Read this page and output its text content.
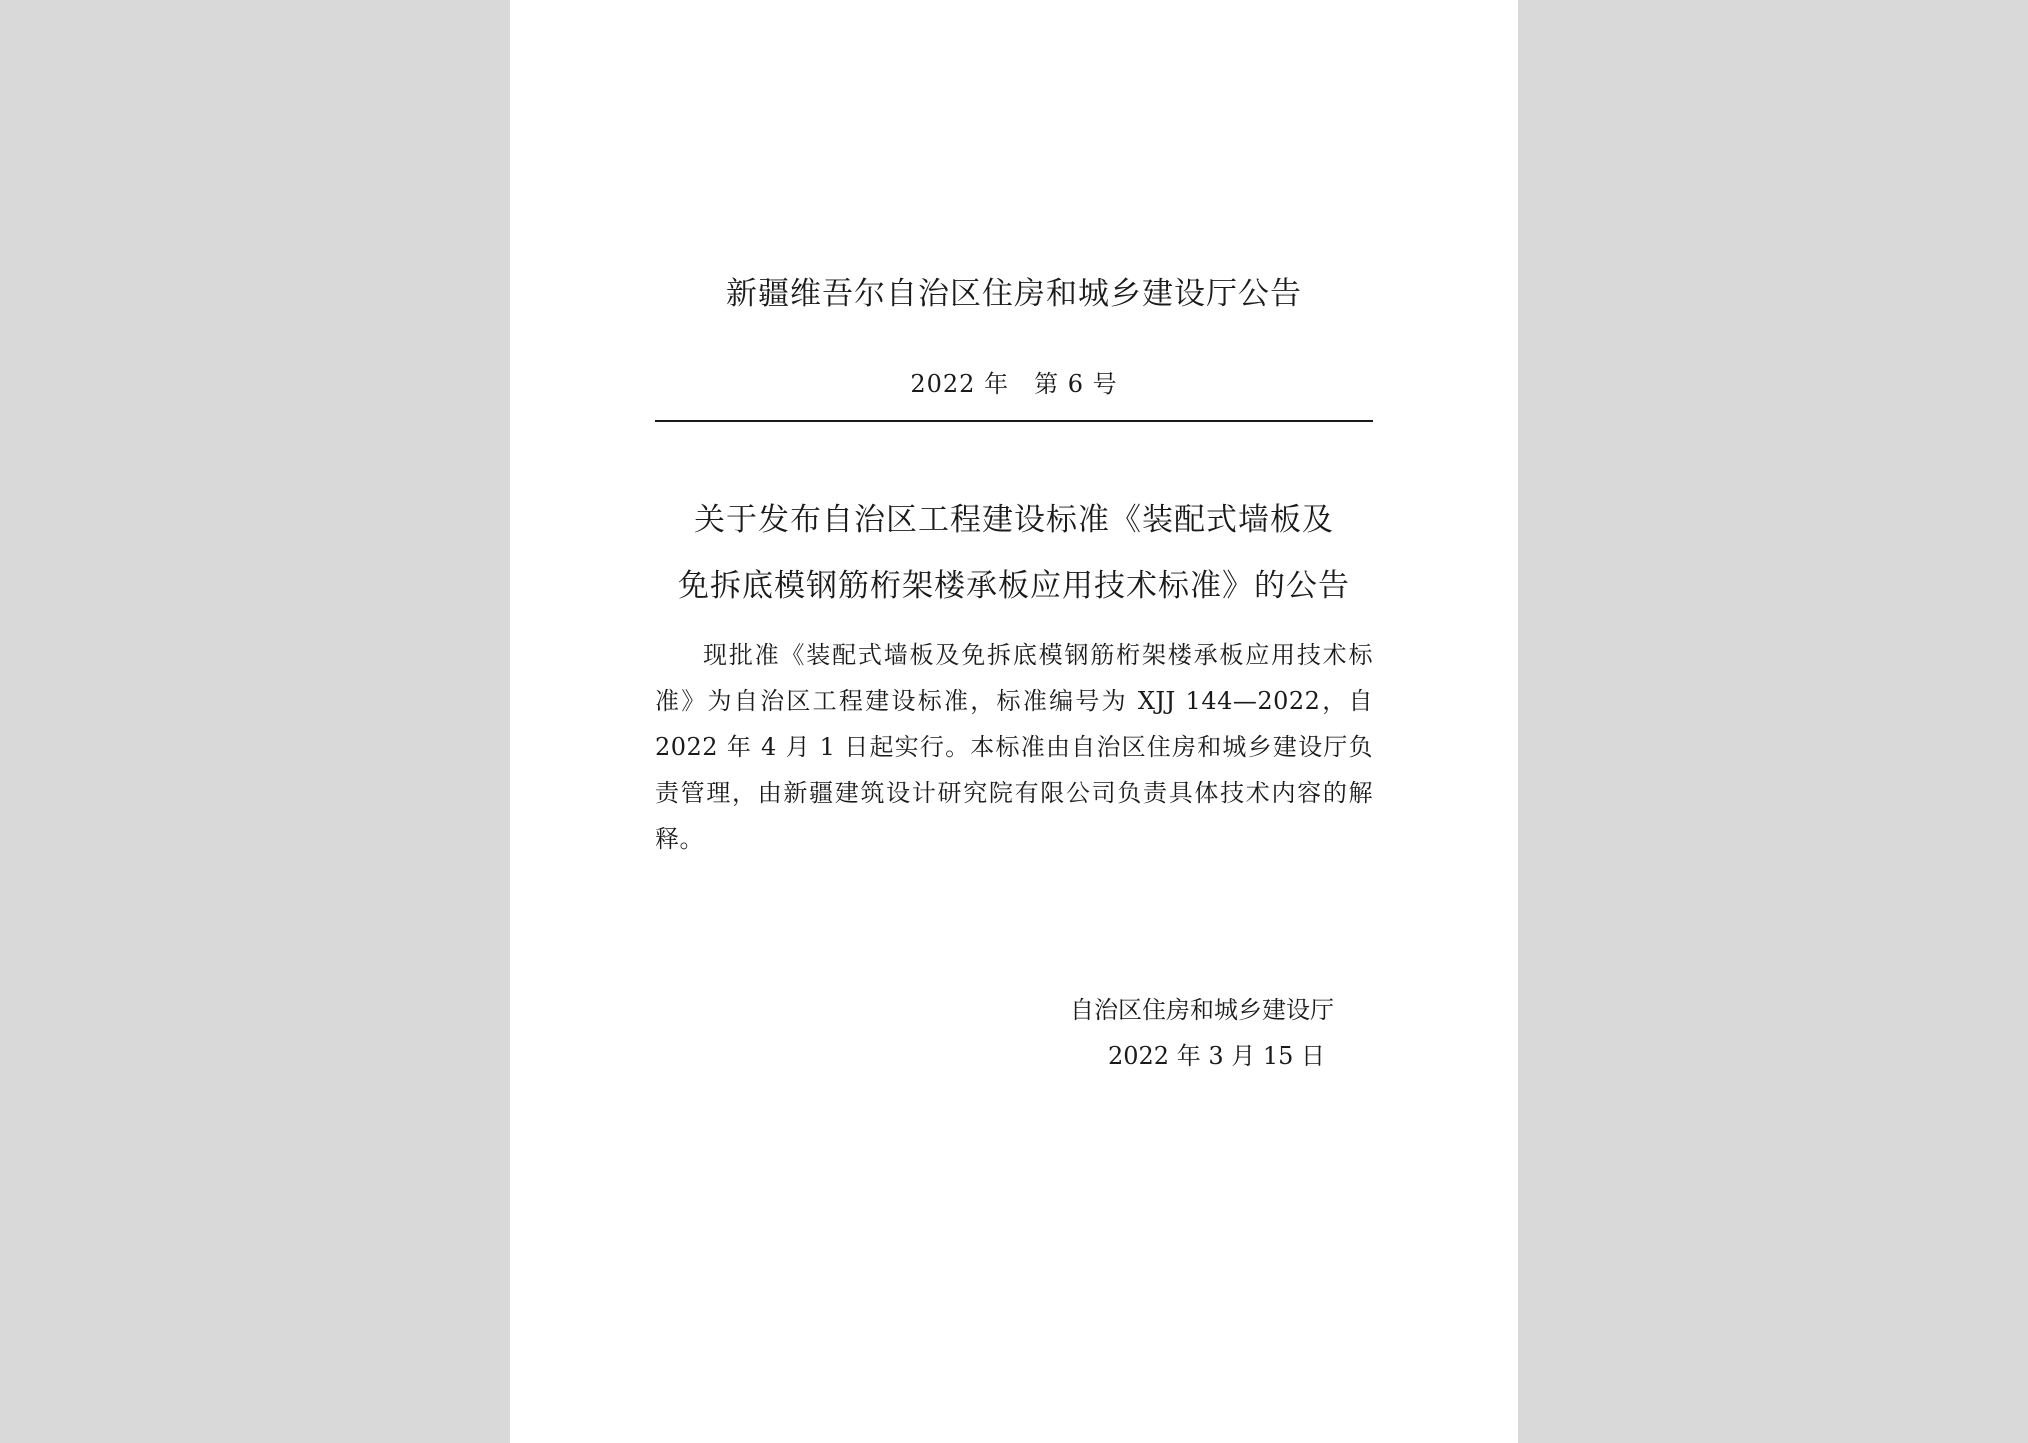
新疆维吾尔自治区住房和城乡建设厅公告
2022 年　第 6 号
关于发布自治区工程建设标准《装配式墙板及
免拆底模钢筋桁架楼承板应用技术标准》的公告
现批准《装配式墙板及免拆底模钢筋桁架楼承板应用技术标准》为自治区工程建设标准，标准编号为 XJJ 144—2022，自 2022 年 4 月 1 日起实行。本标准由自治区住房和城乡建设厅负责管理，由新疆建筑设计研究院有限公司负责具体技术内容的解释。
自治区住房和城乡建设厅
2022 年 3 月 15 日
